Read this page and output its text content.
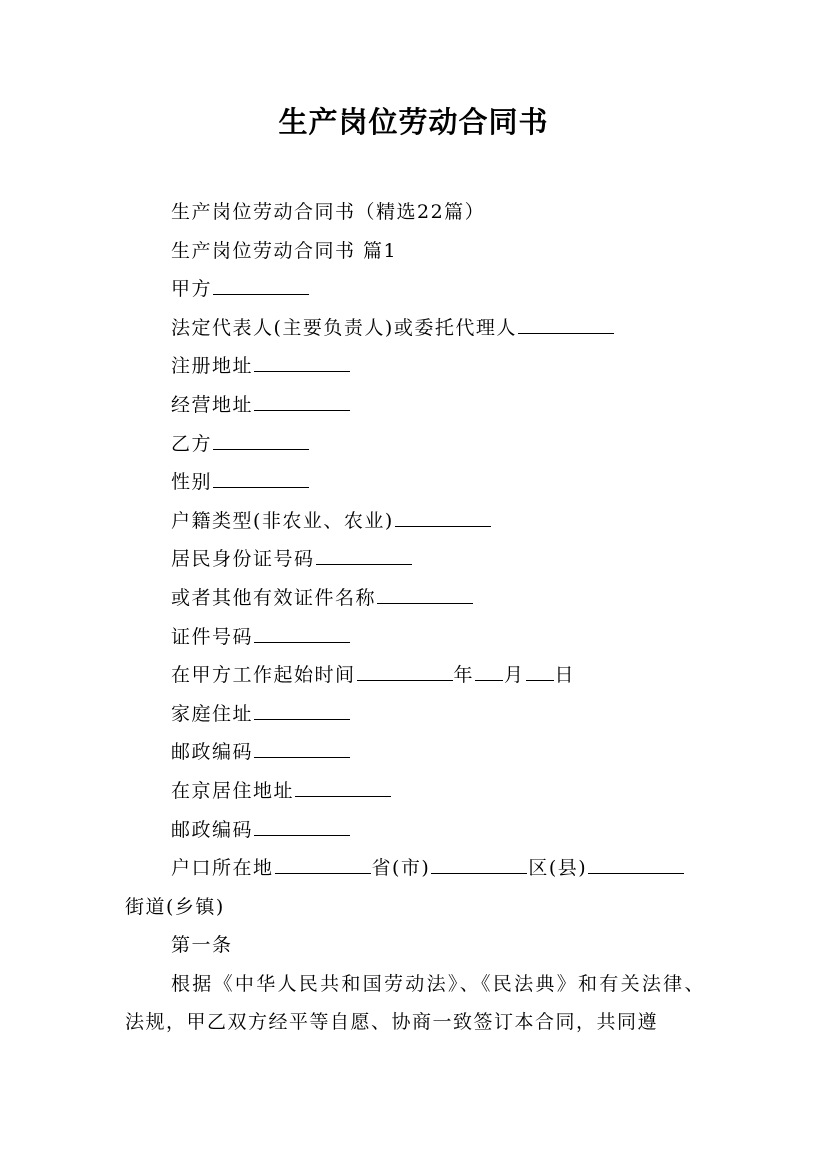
生产岗位劳动合同书
生产岗位劳动合同书（精选22篇）
生产岗位劳动合同书 篇1
甲方
法定代表人(主要负责人)或委托代理人
注册地址
经营地址
乙方
性别
户籍类型(非农业、农业)
居民身份证号码
或者其他有效证件名称
证件号码
在甲方工作起始时间	年 月 日
家庭住址
邮政编码
在京居住地址
邮政编码
户口所在地	省(市)	区(县)街道(乡镇)
第一条
根据《中华人民共和国劳动法》、《民法典》和有关法律、法规，甲乙双方经平等自愿、协商一致签订本合同，共同遵
